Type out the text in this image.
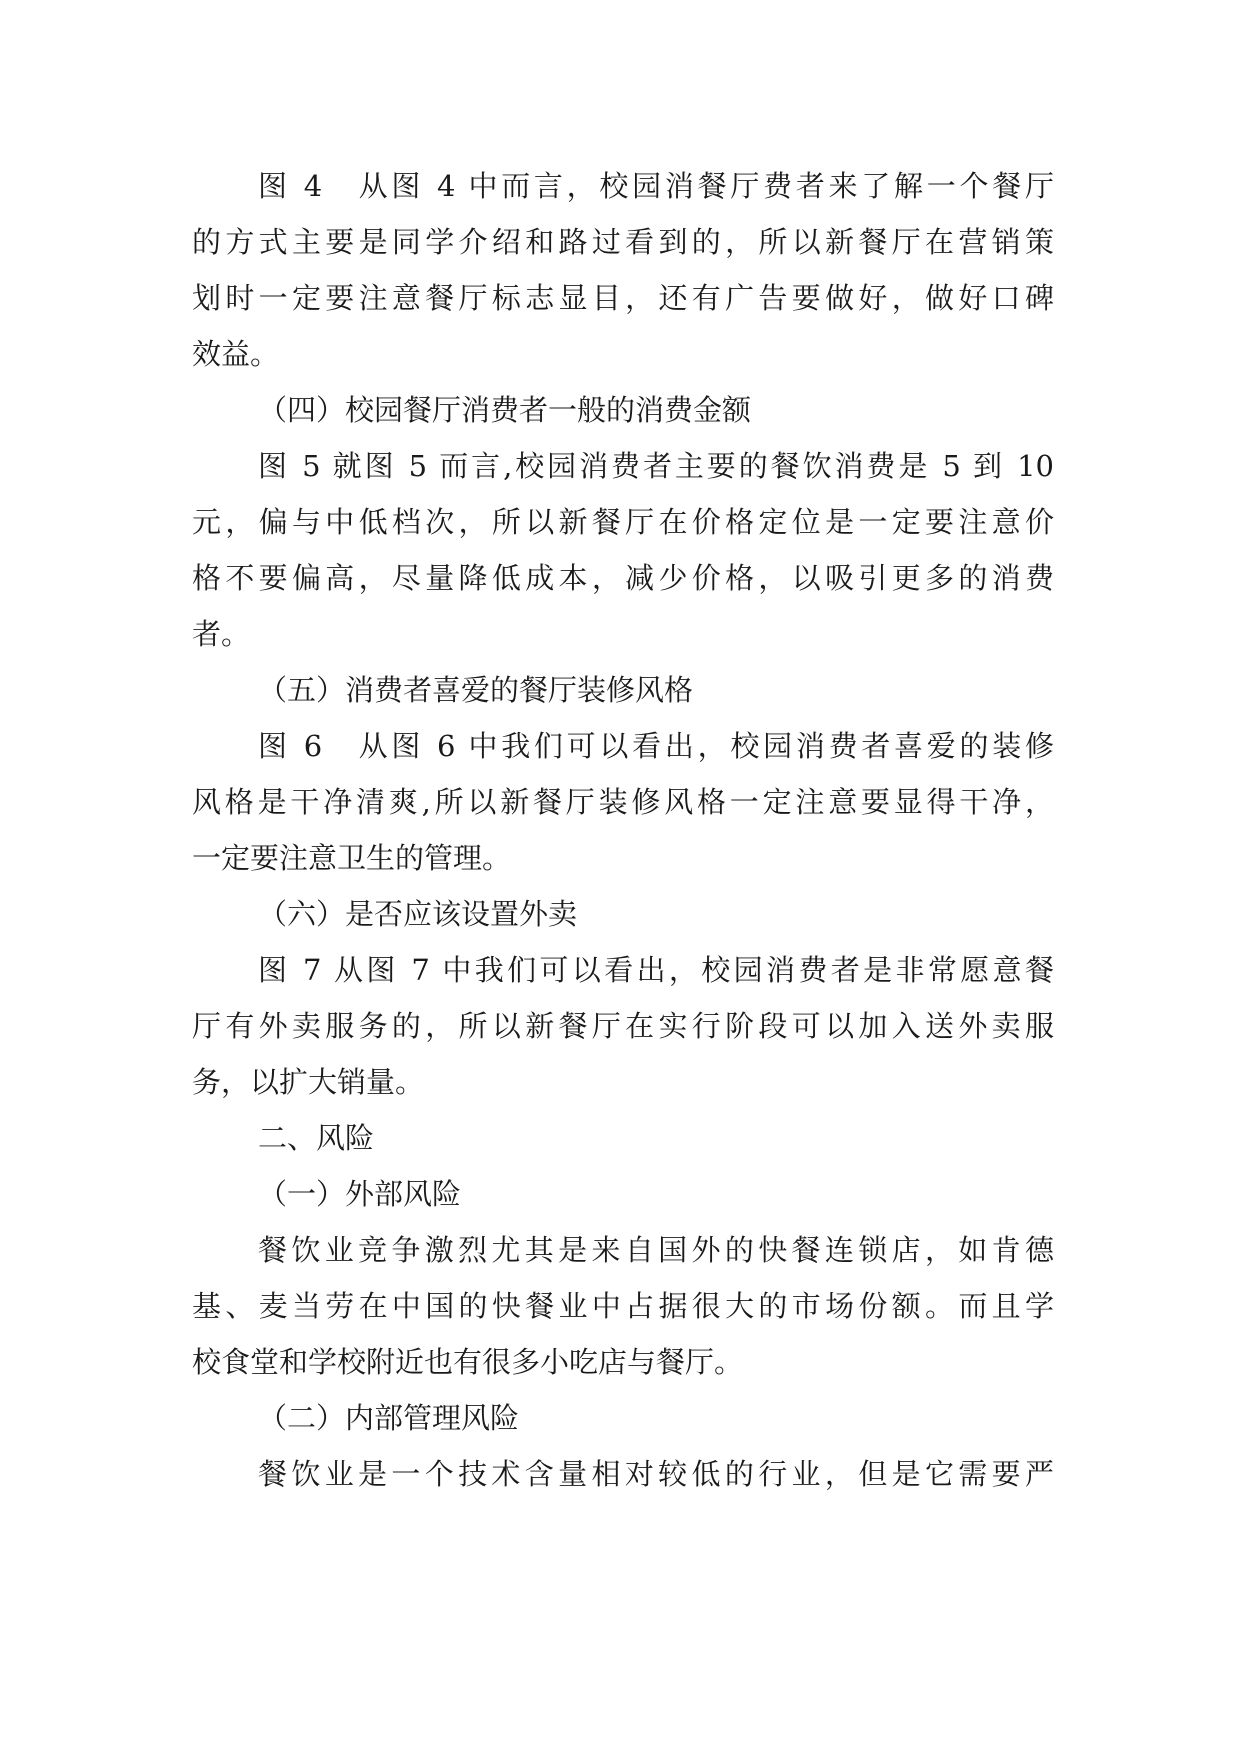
图 4　从图 4 中而言，校园消餐厅费者来了解一个餐厅

的方式主要是同学介绍和路过看到的，所以新餐厅在营销策

划时一定要注意餐厅标志显目，还有广告要做好，做好口碑

效益。

（四）校园餐厅消费者一般的消费金额

图 5 就图 5 而言,校园消费者主要的餐饮消费是 5 到 10

元，偏与中低档次，所以新餐厅在价格定位是一定要注意价

格不要偏高，尽量降低成本，减少价格，以吸引更多的消费

者。

（五）消费者喜爱的餐厅装修风格

图 6　从图 6 中我们可以看出，校园消费者喜爱的装修

风格是干净清爽,所以新餐厅装修风格一定注意要显得干净，

一定要注意卫生的管理。

（六）是否应该设置外卖

图 7 从图 7 中我们可以看出，校园消费者是非常愿意餐

厅有外卖服务的，所以新餐厅在实行阶段可以加入送外卖服

务，以扩大销量。

二、风险

（一）外部风险

餐饮业竞争激烈尤其是来自国外的快餐连锁店，如肯德

基、麦当劳在中国的快餐业中占据很大的市场份额。而且学

校食堂和学校附近也有很多小吃店与餐厅。

（二）内部管理风险

餐饮业是一个技术含量相对较低的行业，但是它需要严
